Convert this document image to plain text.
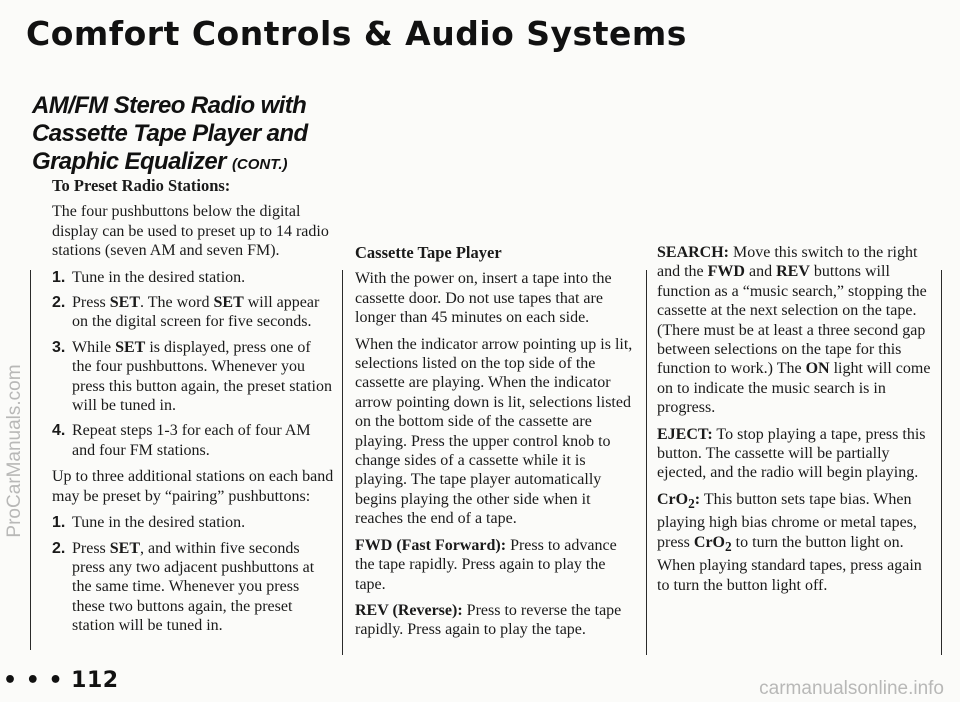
Comfort Controls & Audio Systems
AM/FM Stereo Radio with Cassette Tape Player and Graphic Equalizer (CONT.)

To Preset Radio Stations:

The four pushbuttons below the digital display can be used to preset up to 14 radio stations (seven AM and seven FM).

1. Tune in the desired station.
2. Press SET. The word SET will appear on the digital screen for five seconds.
3. While SET is displayed, press one of the four pushbuttons. Whenever you press this button again, the preset station will be tuned in.
4. Repeat steps 1-3 for each of four AM and four FM stations.

Up to three additional stations on each band may be preset by “pairing” pushbuttons:

1. Tune in the desired station.
2. Press SET, and within five seconds press any two adjacent pushbuttons at the same time. Whenever you press these two buttons again, the preset station will be tuned in.

Cassette Tape Player

With the power on, insert a tape into the cassette door. Do not use tapes that are longer than 45 minutes on each side.

When the indicator arrow pointing up is lit, selections listed on the top side of the cassette are playing. When the indicator arrow pointing down is lit, selections listed on the bottom side of the cassette are playing. Press the upper control knob to change sides of a cassette while it is playing. The tape player automatically begins playing the other side when it reaches the end of a tape.

FWD (Fast Forward): Press to advance the tape rapidly. Press again to play the tape.

REV (Reverse): Press to reverse the tape rapidly. Press again to play the tape.

SEARCH: Move this switch to the right and the FWD and REV buttons will function as a “music search,” stopping the cassette at the next selection on the tape. (There must be at least a three second gap between selections on the tape for this function to work.) The ON light will come on to indicate the music search is in progress.

EJECT: To stop playing a tape, press this button. The cassette will be partially ejected, and the radio will begin playing.

CrO$_2$: This button sets tape bias. When playing high bias chrome or metal tapes, press CrO$_2$ to turn the button light on. When playing standard tapes, press again to turn the button light off.

• • • 112
ProCarManuals.com
carmanualsonline.info
